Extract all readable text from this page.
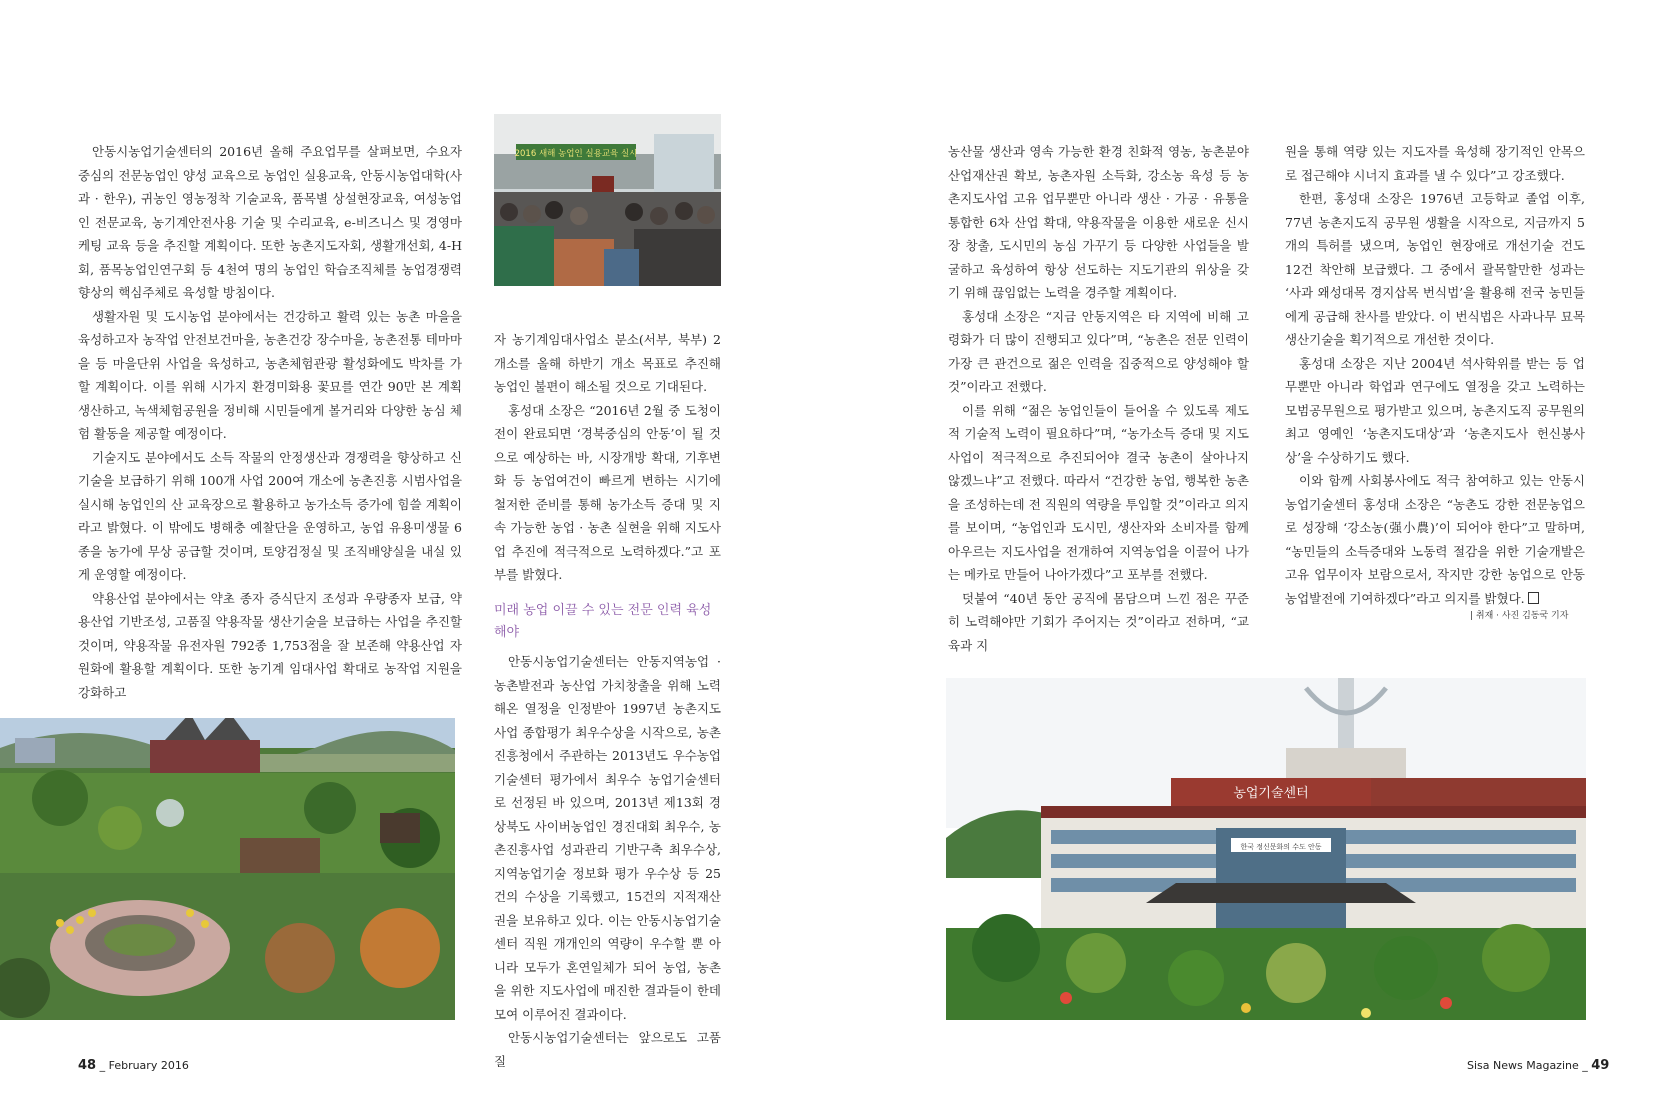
안동시농업기술센터의 2016년 올해 주요업무를 살펴보면, 수요자 중심의 전문농업인 양성 교육으로 농업인 실용교육, 안동시농업대학(사과 · 한우), 귀농인 영농정착 기술교육, 품목별 상설현장교육, 여성농업인 전문교육, 농기계안전사용 기술 및 수리교육, e-비즈니스 및 경영마케팅 교육 등을 추진할 계획이다. 또한 농촌지도자회, 생활개선회, 4-H회, 품목농업인연구회 등 4천여 명의 농업인 학습조직체를 농업경쟁력 향상의 핵심주체로 육성할 방침이다.

생활자원 및 도시농업 분야에서는 건강하고 활력 있는 농촌 마을을 육성하고자 농작업 안전보건마을, 농촌건강 장수마을, 농촌전통 테마마을 등 마을단위 사업을 육성하고, 농촌체험관광 활성화에도 박차를 가할 계획이다. 이를 위해 시가지 환경미화용 꽃묘를 연간 90만 본 계획 생산하고, 녹색체험공원을 정비해 시민들에게 볼거리와 다양한 농심 체험 활동을 제공할 예정이다.

기술지도 분야에서도 소득 작물의 안정생산과 경쟁력을 향상하고 신기술을 보급하기 위해 100개 사업 200여 개소에 농촌진흥 시범사업을 실시해 농업인의 산 교육장으로 활용하고 농가소득 증가에 힘쓸 계획이라고 밝혔다. 이 밖에도 병해충 예찰단을 운영하고, 농업 유용미생물 6종을 농가에 무상 공급할 것이며, 토양검정실 및 조직배양실을 내실 있게 운영할 예정이다.

약용산업 분야에서는 약초 종자 증식단지 조성과 우량종자 보급, 약용산업 기반조성, 고품질 약용작물 생산기술을 보급하는 사업을 추진할 것이며, 약용작물 유전자원 792종 1,753점을 잘 보존해 약용산업 자원화에 활용할 계획이다. 또한 농기계 임대사업 확대로 농작업 지원을 강화하고

2016 새해 농업인 실용교육 실시

자 농기계임대사업소 분소(서부, 북부) 2개소를 올해 하반기 개소 목표로 추진해 농업인 불편이 해소될 것으로 기대된다.

홍성대 소장은 “2016년 2월 중 도청이전이 완료되면 ‘경북중심의 안동’이 될 것으로 예상하는 바, 시장개방 확대, 기후변화 등 농업여건이 빠르게 변하는 시기에 철저한 준비를 통해 농가소득 증대 및 지속 가능한 농업 · 농촌 실현을 위해 지도사업 추진에 적극적으로 노력하겠다.”고 포부를 밝혔다.

미래 농업 이끌 수 있는 전문 인력 육성해야

안동시농업기술센터는 안동지역농업 · 농촌발전과 농산업 가치창출을 위해 노력해온 열정을 인정받아 1997년 농촌지도사업 종합평가 최우수상을 시작으로, 농촌진흥청에서 주관하는 2013년도 우수농업기술센터 평가에서 최우수 농업기술센터로 선정된 바 있으며, 2013년 제13회 경상북도 사이버농업인 경진대회 최우수, 농촌진흥사업 성과관리 기반구축 최우수상, 지역농업기술 정보화 평가 우수상 등 25건의 수상을 기록했고, 15건의 지적재산권을 보유하고 있다. 이는 안동시농업기술센터 직원 개개인의 역량이 우수할 뿐 아니라 모두가 혼연일체가 되어 농업, 농촌을 위한 지도사업에 매진한 결과들이 한데 모여 이루어진 결과이다.

안동시농업기술센터는 앞으로도 고품질

48 _ February 2016

농산물 생산과 영속 가능한 환경 친화적 영농, 농촌분야 산업재산권 확보, 농촌자원 소득화, 강소농 육성 등 농촌지도사업 고유 업무뿐만 아니라 생산 · 가공 · 유통을 통합한 6차 산업 확대, 약용작물을 이용한 새로운 신시장 창출, 도시민의 농심 가꾸기 등 다양한 사업들을 발굴하고 육성하여 항상 선도하는 지도기관의 위상을 갖기 위해 끊임없는 노력을 경주할 계획이다.

홍성대 소장은 “지금 안동지역은 타 지역에 비해 고령화가 더 많이 진행되고 있다”며, “농촌은 전문 인력이 가장 큰 관건으로 젊은 인력을 집중적으로 양성해야 할 것”이라고 전했다.

이를 위해 “젊은 농업인들이 들어올 수 있도록 제도적 기술적 노력이 필요하다”며, “농가소득 증대 및 지도사업이 적극적으로 추진되어야 결국 농촌이 살아나지 않겠느냐”고 전했다. 따라서 “건강한 농업, 행복한 농촌을 조성하는데 전 직원의 역량을 투입할 것”이라고 의지를 보이며, “농업인과 도시민, 생산자와 소비자를 함께 아우르는 지도사업을 전개하여 지역농업을 이끌어 나가는 메카로 만들어 나아가겠다”고 포부를 전했다.

덧붙여 “40년 동안 공직에 몸담으며 느낀 점은 꾸준히 노력해야만 기회가 주어지는 것”이라고 전하며, “교육과 지

원을 통해 역량 있는 지도자를 육성해 장기적인 안목으로 접근해야 시너지 효과를 낼 수 있다”고 강조했다.

한편, 홍성대 소장은 1976년 고등학교 졸업 이후, 77년 농촌지도직 공무원 생활을 시작으로, 지금까지 5개의 특허를 냈으며, 농업인 현장애로 개선기술 건도 12건 착안해 보급했다. 그 중에서 괄목할만한 성과는 ‘사과 왜성대목 경지삽목 번식법’을 활용해 전국 농민들에게 공급해 찬사를 받았다. 이 번식법은 사과나무 묘목생산기술을 획기적으로 개선한 것이다.

홍성대 소장은 지난 2004년 석사학위를 받는 등 업무뿐만 아니라 학업과 연구에도 열정을 갖고 노력하는 모범공무원으로 평가받고 있으며, 농촌지도직 공무원의 최고 영예인 ‘농촌지도대상’과 ‘농촌지도사 헌신봉사상’을 수상하기도 했다.

이와 함께 사회봉사에도 적극 참여하고 있는 안동시농업기술센터 홍성대 소장은 “농촌도 강한 전문농업으로 성장해 ‘강소농(强小農)’이 되어야 한다”고 말하며, “농민들의 소득증대와 노동력 절감을 위한 기술개발은 고유 업무이자 보람으로서, 작지만 강한 농업으로 안동농업발전에 기여하겠다”라고 의지를 밝혔다.

| 취재 · 사진 김동국 기자
농업기술센터
한국 정신문화의 수도 안동
Sisa News Magazine _ 49
